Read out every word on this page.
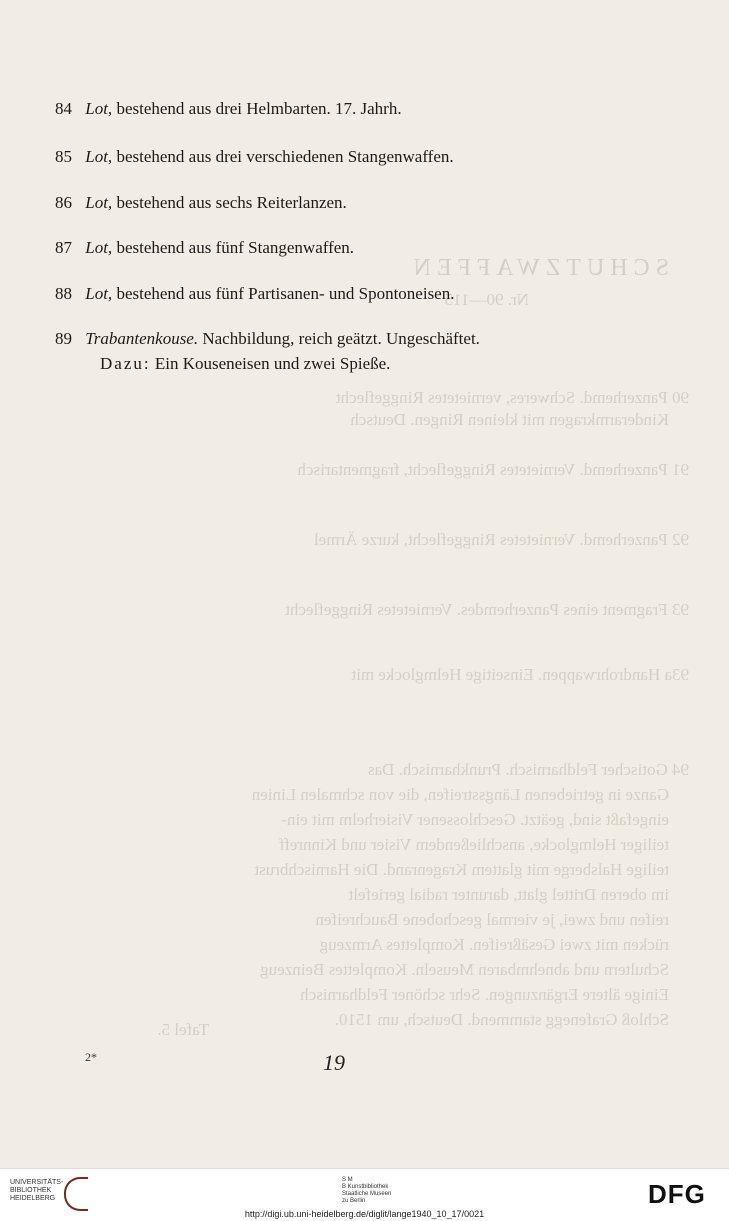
SCHUTZWAFFEN
Nr. 90—115
90 Panzerhemd. Schweres, vernietetes Ringgeflecht
Kinderarmkragen mit kleinen Ringen. Deutsch
91 Panzerhemd. Vernietetes Ringgeflecht, fragmentarisch
92 Panzerhemd. Vernietetes Ringgeflecht, kurze Ärmel
93 Fragment eines Panzerhemdes. Vernietetes Ringgeflecht
93a Handrohrwappen. Einseitige Helmglocke mit
94 Gotischer Feldharnisch. Prunkharnisch. Das
Ganze in getriebenen Längsstreifen, die von schmalen Linien
eingefaßt sind, geätzt. Geschlossener Visierhelm mit ein-
teiliger Helmglocke, anschließendem Visier und Kinnreff
teilige Halsberge mit glattem Kragenrand. Die Harnischbrust
im oberen Drittel glatt, darunter radial geriefelt
reifen und zwei, je viermal geschobene Bauchreifen
rücken mit zwei Gesäßreifen. Komplettes Armzeug
Schultern und abnehmbaren Meuseln. Komplettes Beinzeug
Einige ältere Ergänzungen. Sehr schöner Feldharnisch
Schloß Grafenegg stammend. Deutsch, um 1510.
Tafel 5.
84 Lot, bestehend aus drei Helmbarten. 17. Jahrh.
85 Lot, bestehend aus drei verschiedenen Stangenwaffen.
86 Lot, bestehend aus sechs Reiterlanzen.
87 Lot, bestehend aus fünf Stangenwaffen.
88 Lot, bestehend aus fünf Partisanen- und Spontoneisen.
89 Trabantenkouse. Nachbildung, reich geätzt. Ungeschäftet.
Dazu: Ein Kouseneisen und zwei Spieße.
2*	19
UNIVERSITÄTS-
BIBLIOTHEK
HEIDELBERG
S M
B Kunstbibliothek
Staatliche Museen
zu Berlin	DFG
http://digi.ub.uni-heidelberg.de/diglit/lange1940_10_17/0021
